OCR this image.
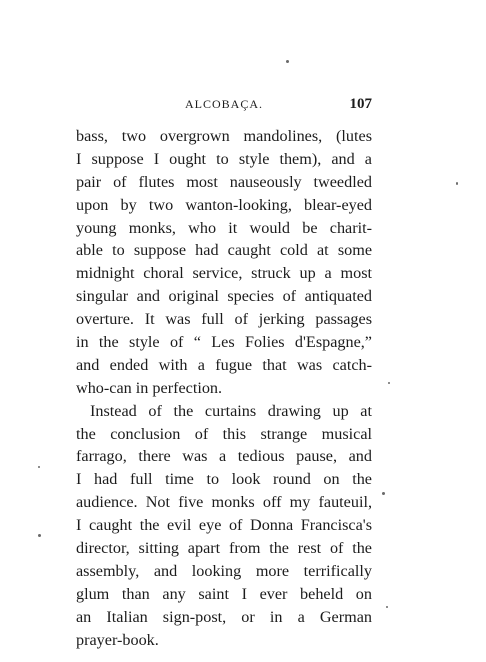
ALCOBAÇA.	107
bass, two overgrown mandolines, (lutes
I suppose I ought to style them), and a
pair of flutes most nauseously tweedled
upon by two wanton-looking, blear-eyed
young monks, who it would be charit-
able to suppose had caught cold at some
midnight choral service, struck up a most
singular and original species of antiquated
overture. It was full of jerking passages
in the style of “ Les Folies d'Espagne,”
and ended with a fugue that was catch-
who-can in perfection.
Instead of the curtains drawing up at
the conclusion of this strange musical
farrago, there was a tedious pause, and
I had full time to look round on the
audience. Not five monks off my fauteuil,
I caught the evil eye of Donna Francisca's
director, sitting apart from the rest of the
assembly, and looking more terrifically
glum than any saint I ever beheld on
an Italian sign-post, or in a German
prayer-book.
